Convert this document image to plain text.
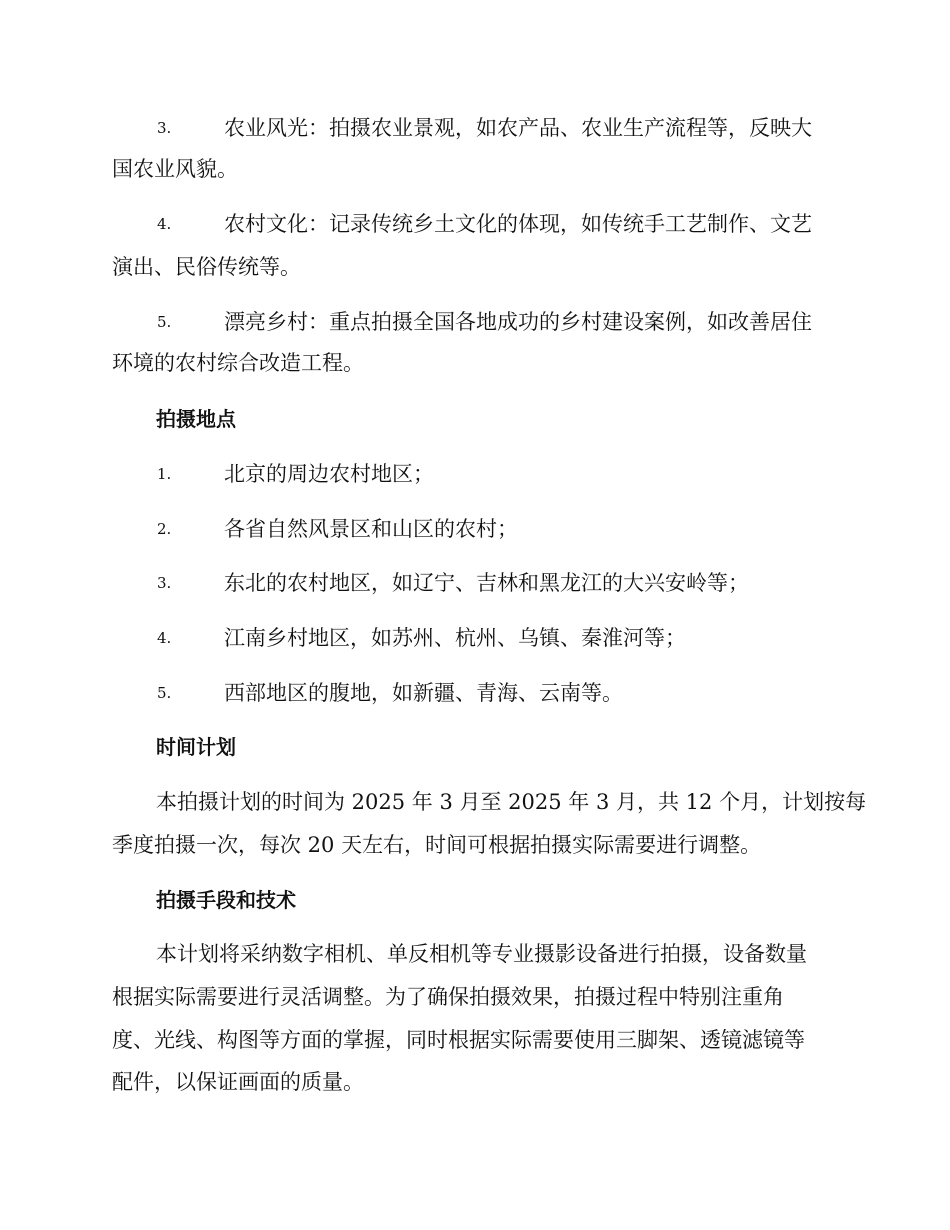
3.	农业风光：拍摄农业景观，如农产品、农业生产流程等，反映大
国农业风貌。
4.	农村文化：记录传统乡土文化的体现，如传统手工艺制作、文艺
演出、民俗传统等。
5.	漂亮乡村：重点拍摄全国各地成功的乡村建设案例，如改善居住
环境的农村综合改造工程。
拍摄地点
1.	北京的周边农村地区；
2.	各省自然风景区和山区的农村；
3.	东北的农村地区，如辽宁、吉林和黑龙江的大兴安岭等；
4.	江南乡村地区，如苏州、杭州、乌镇、秦淮河等；
5.	西部地区的腹地，如新疆、青海、云南等。
时间计划
本拍摄计划的时间为 2025 年 3 月至 2025 年 3 月，共 12 个月，计划按每
季度拍摄一次，每次 20 天左右，时间可根据拍摄实际需要进行调整。
拍摄手段和技术
本计划将采纳数字相机、单反相机等专业摄影设备进行拍摄，设备数量
根据实际需要进行灵活调整。为了确保拍摄效果，拍摄过程中特别注重角
度、光线、构图等方面的掌握，同时根据实际需要使用三脚架、透镜滤镜等
配件，以保证画面的质量。
